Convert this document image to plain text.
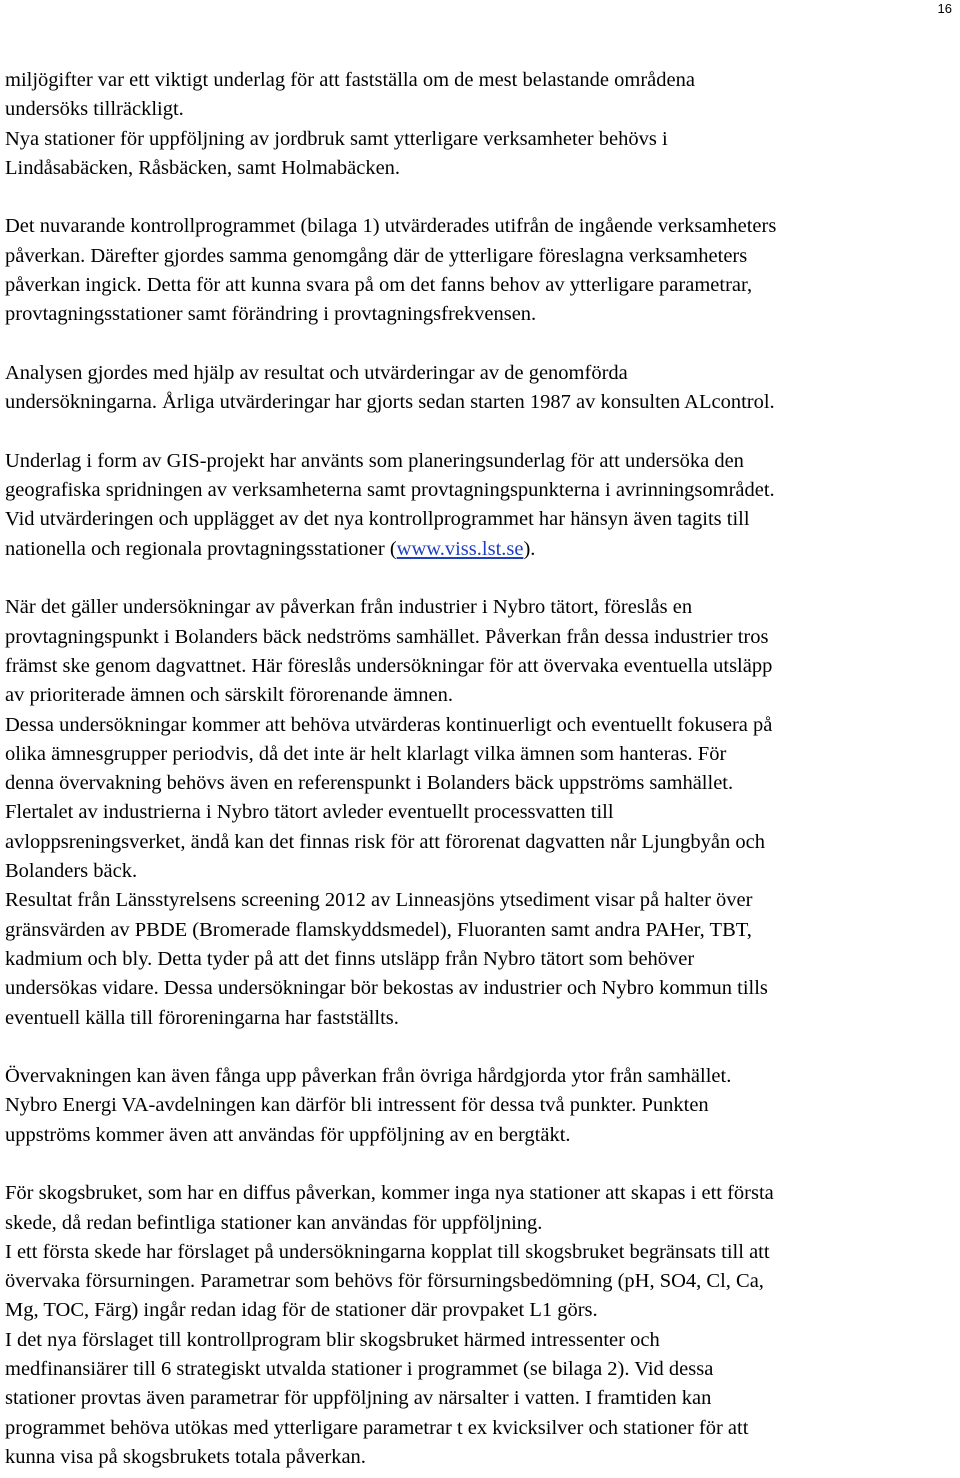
16
miljögifter var ett viktigt underlag för att fastställa om de mest belastande områdena
undersöks tillräckligt.
Nya stationer för uppföljning av jordbruk samt ytterligare verksamheter behövs i
Lindåsabäcken, Råsbäcken, samt Holmabäcken.
Det nuvarande kontrollprogrammet (bilaga 1) utvärderades utifrån de ingående verksamheters
påverkan. Därefter gjordes samma genomgång där de ytterligare föreslagna verksamheters
påverkan ingick. Detta för att kunna svara på om det fanns behov av ytterligare parametrar,
provtagningsstationer samt förändring i provtagningsfrekvensen.
Analysen gjordes med hjälp av resultat och utvärderingar av de genomförda
undersökningarna. Årliga utvärderingar har gjorts sedan starten 1987 av konsulten ALcontrol.
Underlag i form av GIS-projekt har använts som planeringsunderlag för att undersöka den
geografiska spridningen av verksamheterna samt provtagningspunkterna i avrinningsområdet.
Vid utvärderingen och upplägget av det nya kontrollprogrammet har hänsyn även tagits till
nationella och regionala provtagningsstationer (www.viss.lst.se).
När det gäller undersökningar av påverkan från industrier i Nybro tätort, föreslås en
provtagningspunkt i Bolanders bäck nedströms samhället. Påverkan från dessa industrier tros
främst ske genom dagvattnet. Här föreslås undersökningar för att övervaka eventuella utsläpp
av prioriterade ämnen och särskilt förorenande ämnen.
Dessa undersökningar kommer att behöva utvärderas kontinuerligt och eventuellt fokusera på
olika ämnesgrupper periodvis, då det inte är helt klarlagt vilka ämnen som hanteras. För
denna övervakning behövs även en referenspunkt i Bolanders bäck uppströms samhället.
Flertalet av industrierna i Nybro tätort avleder eventuellt processvatten till
avloppsreningsverket, ändå kan det finnas risk för att förorenat dagvatten når Ljungbyån och
Bolanders bäck.
Resultat från Länsstyrelsens screening 2012 av Linneasjöns ytsediment visar på halter över
gränsvärden av PBDE (Bromerade flamskyddsmedel), Fluoranten samt andra PAHer, TBT,
kadmium och bly. Detta tyder på att det finns utsläpp från Nybro tätort som behöver
undersökas vidare. Dessa undersökningar bör bekostas av industrier och Nybro kommun tills
eventuell källa till föroreningarna har fastställts.
Övervakningen kan även fånga upp påverkan från övriga hårdgjorda ytor från samhället.
Nybro Energi VA-avdelningen kan därför bli intressent för dessa två punkter. Punkten
uppströms kommer även att användas för uppföljning av en bergtäkt.
För skogsbruket, som har en diffus påverkan, kommer inga nya stationer att skapas i ett första
skede, då redan befintliga stationer kan användas för uppföljning.
I ett första skede har förslaget på undersökningarna kopplat till skogsbruket begränsats till att
övervaka försurningen. Parametrar som behövs för försurningsbedömning (pH, SO4, Cl, Ca,
Mg, TOC, Färg) ingår redan idag för de stationer där provpaket L1 görs.
I det nya förslaget till kontrollprogram blir skogsbruket härmed intressenter och
medfinansiärer till 6 strategiskt utvalda stationer i programmet (se bilaga 2). Vid dessa
stationer provtas även parametrar för uppföljning av närsalter i vatten. I framtiden kan
programmet behöva utökas med ytterligare parametrar t ex kvicksilver och stationer för att
kunna visa på skogsbrukets totala påverkan.
